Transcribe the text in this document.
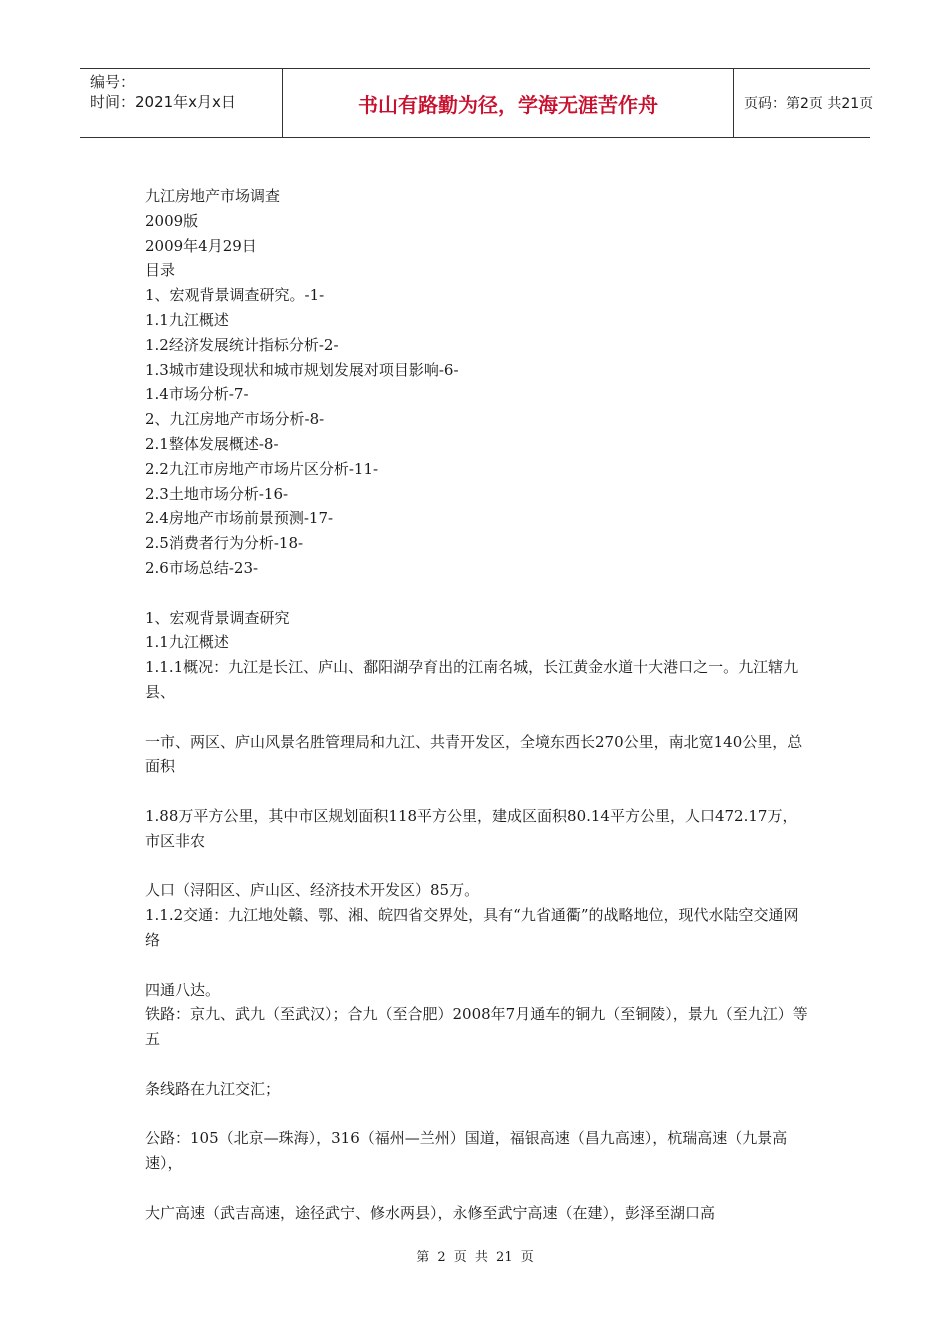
编号：
时间：2021年x月x日	书山有路勤为径，学海无涯苦作舟	页码：第2页 共21页

九江房地产市场调查

2009版

2009年4月29日

目录

1、宏观背景调查研究。-1-

1.1九江概述

1.2经济发展统计指标分析-2-

1.3城市建设现状和城市规划发展对项目影响-6-

1.4市场分析-7-

2、九江房地产市场分析-8-

2.1整体发展概述-8-

2.2九江市房地产市场片区分析-11-

2.3土地市场分析-16-

2.4房地产市场前景预测-17-

2.5消费者行为分析-18-

2.6市场总结-23-

1、宏观背景调查研究

1.1九江概述

1.1.1概况：九江是长江、庐山、鄱阳湖孕育出的江南名城，长江黄金水道十大港口之一。九江辖九县、

一市、两区、庐山风景名胜管理局和九江、共青开发区，全境东西长270公里，南北宽140公里，总面积

1.88万平方公里，其中市区规划面积118平方公里，建成区面积80.14平方公里，人口472.17万，市区非农

人口（浔阳区、庐山区、经济技术开发区）85万。

1.1.2交通：九江地处赣、鄂、湘、皖四省交界处，具有“九省通衢”的战略地位，现代水陆空交通网络

四通八达。

铁路：京九、武九（至武汉）；合九（至合肥）2008年7月通车的铜九（至铜陵），景九（至九江）等五

条线路在九江交汇；

公路：105（北京—珠海），316（福州—兰州）国道，福银高速（昌九高速），杭瑞高速（九景高速），

大广高速（武吉高速，途径武宁、修水两县），永修至武宁高速（在建），彭泽至湖口高

第 2 页 共 21 页
